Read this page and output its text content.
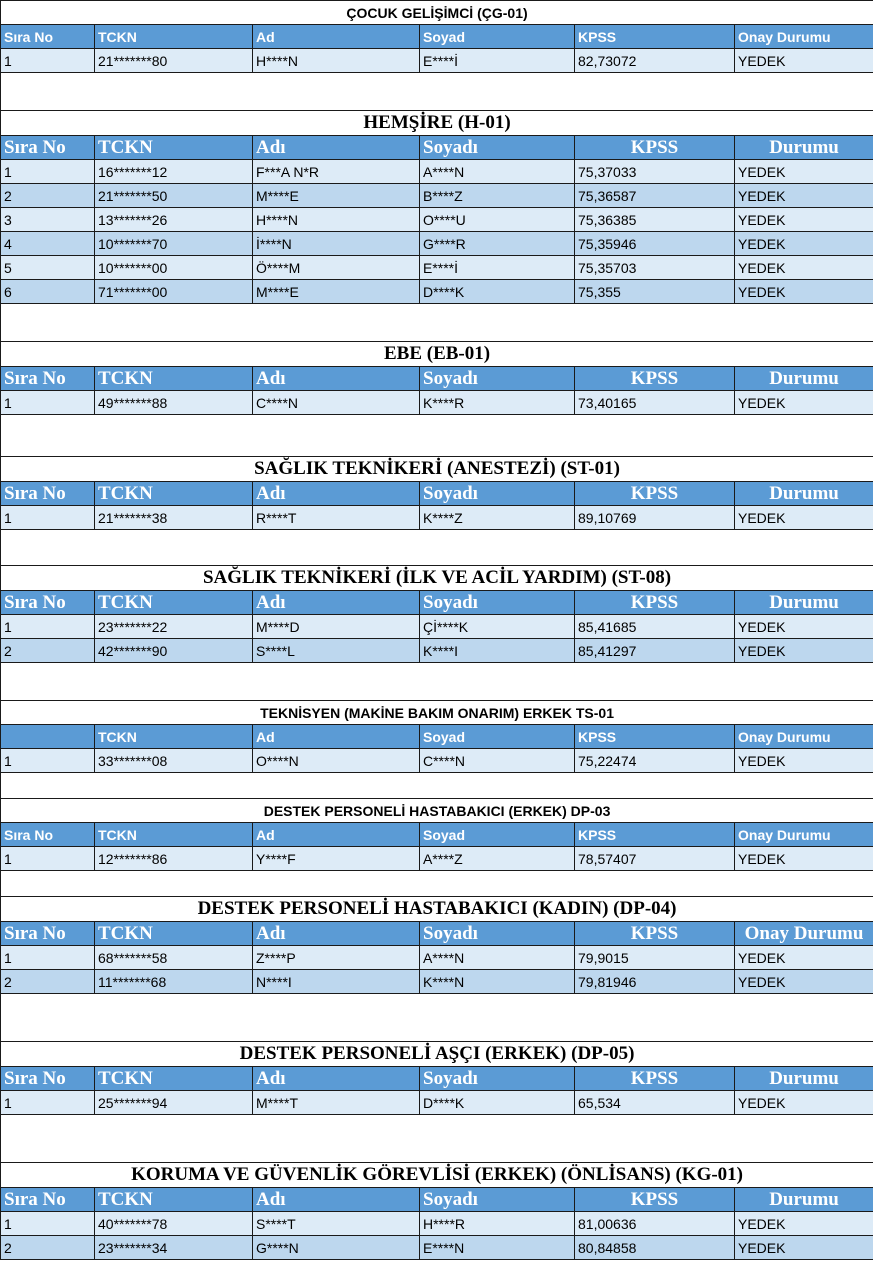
ÇOCUK GELİŞİMCİ (ÇG-01)					
Sıra No	TCKN	Ad	Soyad	KPSS	Onay Durumu
1	21*******80	H****N	E****İ	82,73072	YEDEK

HEMŞİRE (H-01)					
Sıra No	TCKN	Adı	Soyadı	KPSS	Durumu
1	16*******12	F***A N*R	A****N	75,37033	YEDEK
2	21*******50	M****E	B****Z	75,36587	YEDEK
3	13*******26	H****N	O****U	75,36385	YEDEK
4	10*******70	İ****N	G****R	75,35946	YEDEK
5	10*******00	Ö****M	E****İ	75,35703	YEDEK
6	71*******00	M****E	D****K	75,355	YEDEK

EBE (EB-01)					
Sıra No	TCKN	Adı	Soyadı	KPSS	Durumu
1	49*******88	C****N	K****R	73,40165	YEDEK

SAĞLIK TEKNİKERİ (ANESTEZİ) (ST-01)					
Sıra No	TCKN	Adı	Soyadı	KPSS	Durumu
1	21*******38	R****T	K****Z	89,10769	YEDEK

SAĞLIK TEKNİKERİ (İLK VE ACİL YARDIM) (ST-08)					
Sıra No	TCKN	Adı	Soyadı	KPSS	Durumu
1	23*******22	M****D	Çİ****K	85,41685	YEDEK
2	42*******90	S****L	K****I	85,41297	YEDEK

TEKNİSYEN (MAKİNE BAKIM ONARIM) ERKEK TS-01					
	TCKN	Ad	Soyad	KPSS	Onay Durumu
1	33*******08	O****N	C****N	75,22474	YEDEK

DESTEK PERSONELİ HASTABAKICI (ERKEK) DP-03					
Sıra No	TCKN	Ad	Soyad	KPSS	Onay Durumu
1	12*******86	Y****F	A****Z	78,57407	YEDEK

DESTEK PERSONELİ HASTABAKICI (KADIN) (DP-04)					
Sıra No	TCKN	Adı	Soyadı	KPSS	Onay Durumu
1	68*******58	Z****P	A****N	79,9015	YEDEK
2	11*******68	N****I	K****N	79,81946	YEDEK

DESTEK PERSONELİ AŞÇI (ERKEK) (DP-05)					
Sıra No	TCKN	Adı	Soyadı	KPSS	Durumu
1	25*******94	M****T	D****K	65,534	YEDEK

KORUMA VE GÜVENLİK GÖREVLİSİ (ERKEK) (ÖNLİSANS) (KG-01)					
Sıra No	TCKN	Adı	Soyadı	KPSS	Durumu
1	40*******78	S****T	H****R	81,00636	YEDEK
2	23*******34	G****N	E****N	80,84858	YEDEK
